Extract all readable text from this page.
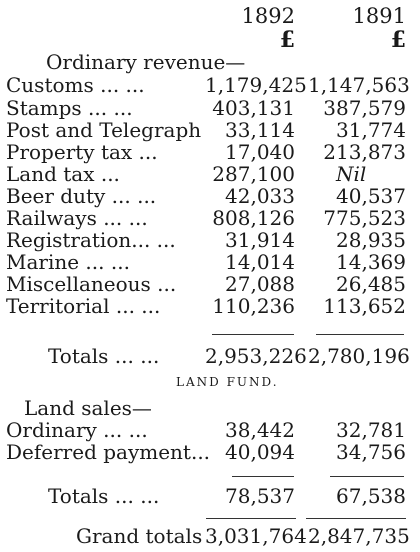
1892	1891
£	£
Ordinary revenue—
Customs ... ...	1,179,425 1,147,563
Stamps ... ...	403,131	387,579
Post and Telegraph	33,114	31,774
Property tax ...	17,040	213,873
Land tax ...	287,100 Nil
Beer duty ... ...	42,033	40,537
Railways ... ...	808,126	775,523
Registration... ...	31,914	28,935
Marine ... ...	14,014	14,369
Miscellaneous ...	27,088	26,485
Territorial ... ...	110,236	113,652
Totals ... ... 2,953,226 2,780,196
LAND FUND.
Land sales—
Ordinary ... ...	38,442	32,781
Deferred payment... 40,094	34,756
Totals ... ...	78,537	67,538
Grand totals 3,031,764 2,847,735
